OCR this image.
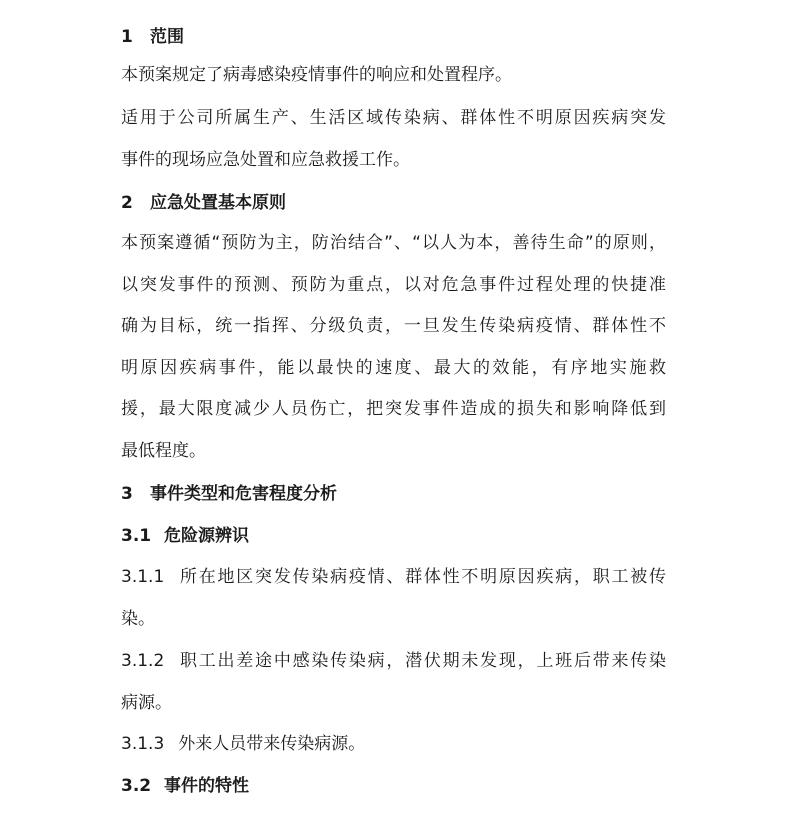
1 范围
本预案规定了病毒感染疫情事件的响应和处置程序。
适用于公司所属生产、生活区域传染病、群体性不明原因疾病突发
事件的现场应急处置和应急救援工作。
2 应急处置基本原则
本预案遵循“预防为主，防治结合”、“以人为本，善待生命”的原则，
以突发事件的预测、预防为重点，以对危急事件过程处理的快捷准
确为目标，统一指挥、分级负责，一旦发生传染病疫情、群体性不
明原因疾病事件，能以最快的速度、最大的效能，有序地实施救
援，最大限度减少人员伤亡，把突发事件造成的损失和影响降低到
最低程度。
3 事件类型和危害程度分析
3.1 危险源辨识
3.1.1 所在地区突发传染病疫情、群体性不明原因疾病，职工被传
染。
3.1.2 职工出差途中感染传染病，潜伏期未发现，上班后带来传染
病源。
3.1.3 外来人员带来传染病源。
3.2 事件的特性
